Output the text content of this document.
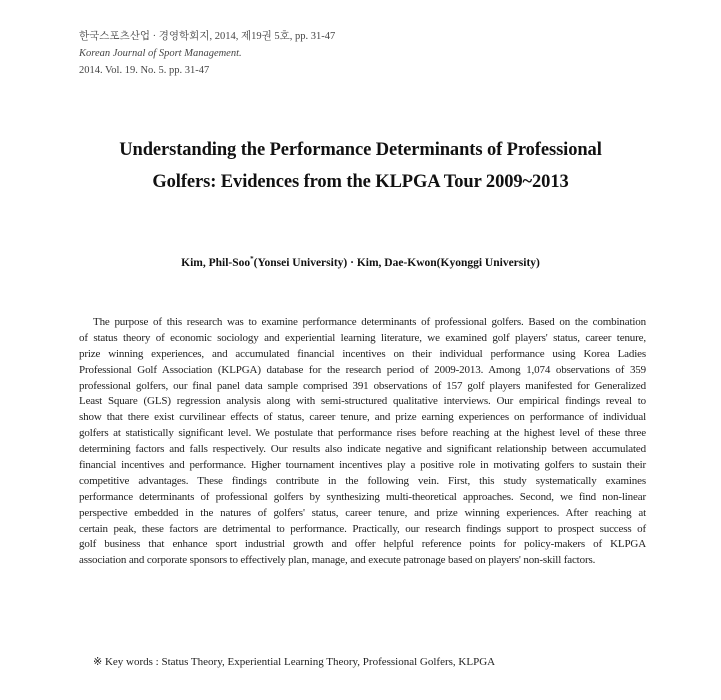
한국스포츠산업 · 경영학회지, 2014, 제19권 5호, pp. 31-47
Korean Journal of Sport Management.
2014. Vol. 19. No. 5. pp. 31-47
Understanding the Performance Determinants of Professional
Golfers: Evidences from the KLPGA Tour 2009~2013
Kim, Phil-Soo*(Yonsei University) · Kim, Dae-Kwon(Kyonggi University)
The purpose of this research was to examine performance determinants of professional golfers. Based on the combination
of status theory of economic sociology and experiential learning literature, we examined golf players' status, career tenure,
prize winning experiences, and accumulated financial incentives on their individual performance using Korea Ladies
Professional Golf Association (KLPGA) database for the research period of 2009-2013. Among 1,074 observations of 359
professional golfers, our final panel data sample comprised 391 observations of 157 golf players manifested for Generalized
Least Square (GLS) regression analysis along with semi-structured qualitative interviews. Our empirical findings reveal to
show that there exist curvilinear effects of status, career tenure, and prize earning experiences on performance of individual
golfers at statistically significant level. We postulate that performance rises before reaching at the highest level of these three
determining factors and falls respectively. Our results also indicate negative and significant relationship between accumulated
financial incentives and performance. Higher tournament incentives play a positive role in motivating golfers to sustain their
competitive advantages. These findings contribute in the following vein. First, this study systematically examines
performance determinants of professional golfers by synthesizing multi-theoretical approaches. Second, we find non-linear
perspective embedded in the natures of golfers' status, career tenure, and prize winning experiences. After reaching at
certain peak, these factors are detrimental to performance. Practically, our research findings support to prospect success of
golf business that enhance sport industrial growth and offer helpful reference points for policy-makers of KLPGA
association and corporate sponsors to effectively plan, manage, and execute patronage based on players' non-skill factors.
※ Key words : Status Theory, Experiential Learning Theory, Professional Golfers, KLPGA
